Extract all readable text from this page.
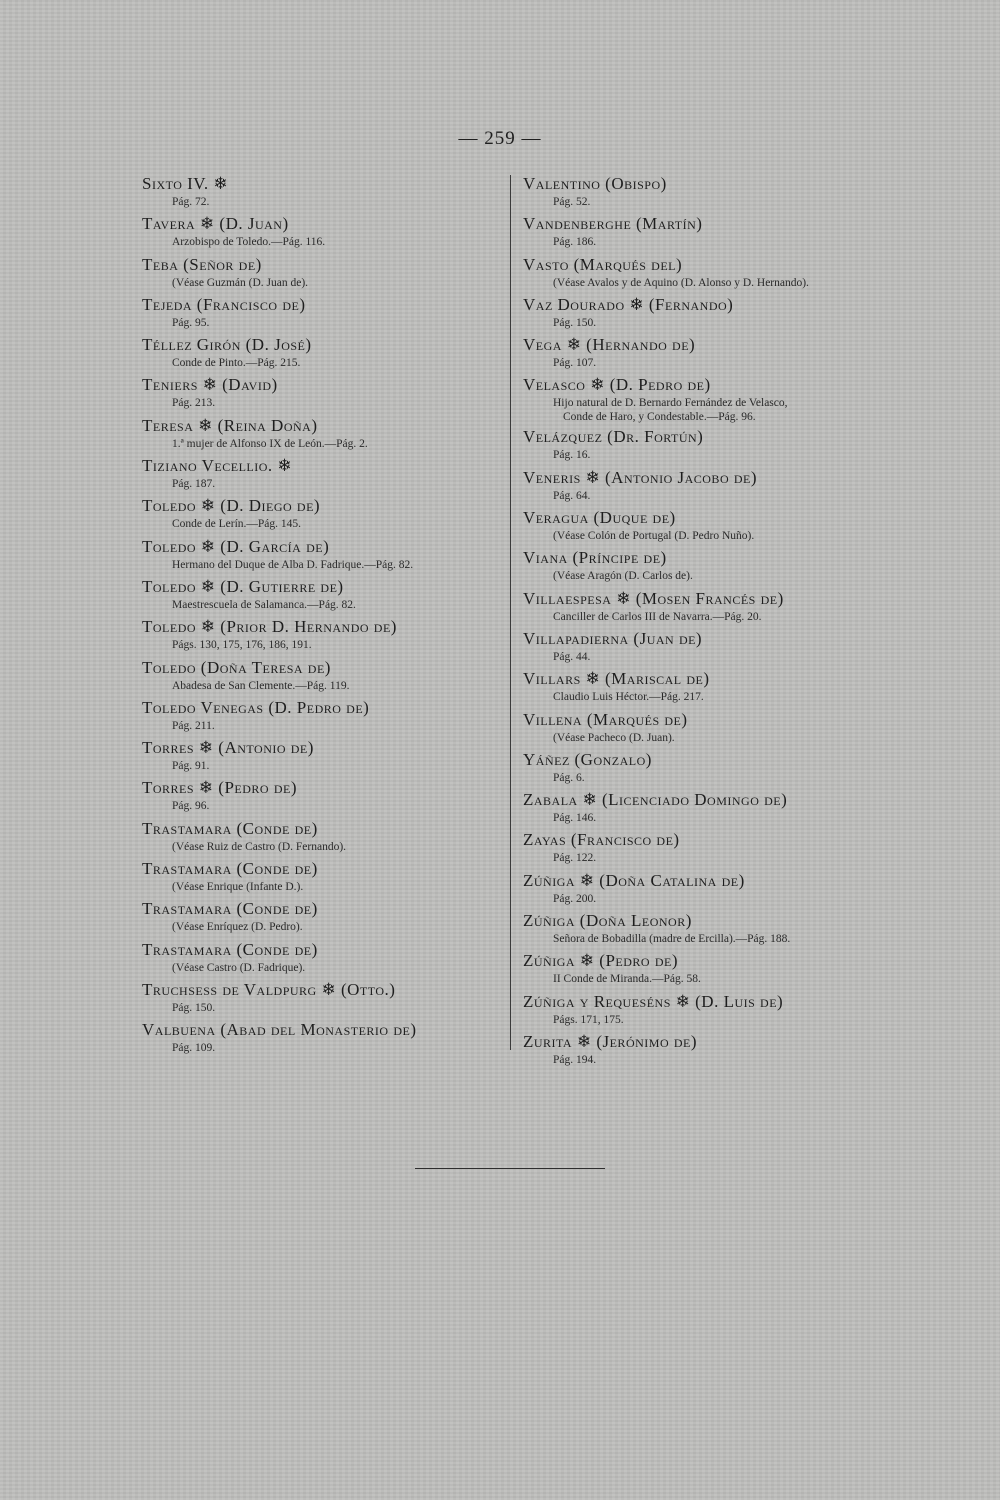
— 259 —
Sixto IV. ❄
Pág. 72.
Tavera ❄ (D. Juan)
Arzobispo de Toledo.—Pág. 116.
Teba (Señor de)
(Véase Guzmán (D. Juan de).
Tejeda (Francisco de)
Pág. 95.
Téllez Girón (D. José)
Conde de Pinto.—Pág. 215.
Teniers ❄ (David)
Pág. 213.
Teresa ❄ (Reina Doña)
1.ª mujer de Alfonso IX de León.—Pág. 2.
Tiziano Vecellio. ❄
Pág. 187.
Toledo ❄ (D. Diego de)
Conde de Lerín.—Pág. 145.
Toledo ❄ (D. García de)
Hermano del Duque de Alba D. Fadrique.—Pág. 82.
Toledo ❄ (D. Gutierre de)
Maestrescuela de Salamanca.—Pág. 82.
Toledo ❄ (Prior D. Hernando de)
Págs. 130, 175, 176, 186, 191.
Toledo (Doña Teresa de)
Abadesa de San Clemente.—Pág. 119.
Toledo Venegas (D. Pedro de)
Pág. 211.
Torres ❄ (Antonio de)
Pág. 91.
Torres ❄ (Pedro de)
Pág. 96.
Trastamara (Conde de)
(Véase Ruiz de Castro (D. Fernando).
Trastamara (Conde de)
(Véase Enrique (Infante D.).
Trastamara (Conde de)
(Véase Enríquez (D. Pedro).
Trastamara (Conde de)
(Véase Castro (D. Fadrique).
Truchsess de Valdpurg ❄ (Otto.)
Pág. 150.
Valbuena (Abad del Monasterio de)
Pág. 109.
Valentino (Obispo)
Pág. 52.
Vandenberghe (Martín)
Pág. 186.
Vasto (Marqués del)
(Véase Avalos y de Aquino (D. Alonso y D. Hernando).
Vaz Dourado ❄ (Fernando)
Pág. 150.
Vega ❄ (Hernando de)
Pág. 107.
Velasco ❄ (D. Pedro de)
Hijo natural de D. Bernardo Fernández de Velasco,
Conde de Haro, y Condestable.—Pág. 96.
Velázquez (Dr. Fortún)
Pág. 16.
Veneris ❄ (Antonio Jacobo de)
Pág. 64.
Veragua (Duque de)
(Véase Colón de Portugal (D. Pedro Nuño).
Viana (Príncipe de)
(Véase Aragón (D. Carlos de).
Villaespesa ❄ (Mosen Francés de)
Canciller de Carlos III de Navarra.—Pág. 20.
Villapadierna (Juan de)
Pág. 44.
Villars ❄ (Mariscal de)
Claudio Luis Héctor.—Pág. 217.
Villena (Marqués de)
(Véase Pacheco (D. Juan).
Yáñez (Gonzalo)
Pág. 6.
Zabala ❄ (Licenciado Domingo de)
Pág. 146.
Zayas (Francisco de)
Pág. 122.
Zúñiga ❄ (Doña Catalina de)
Pág. 200.
Zúñiga (Doña Leonor)
Señora de Bobadilla (madre de Ercilla).—Pág. 188.
Zúñiga ❄ (Pedro de)
II Conde de Miranda.—Pág. 58.
Zúñiga y Requeséns ❄ (D. Luis de)
Págs. 171, 175.
Zurita ❄ (Jerónimo de)
Pág. 194.
